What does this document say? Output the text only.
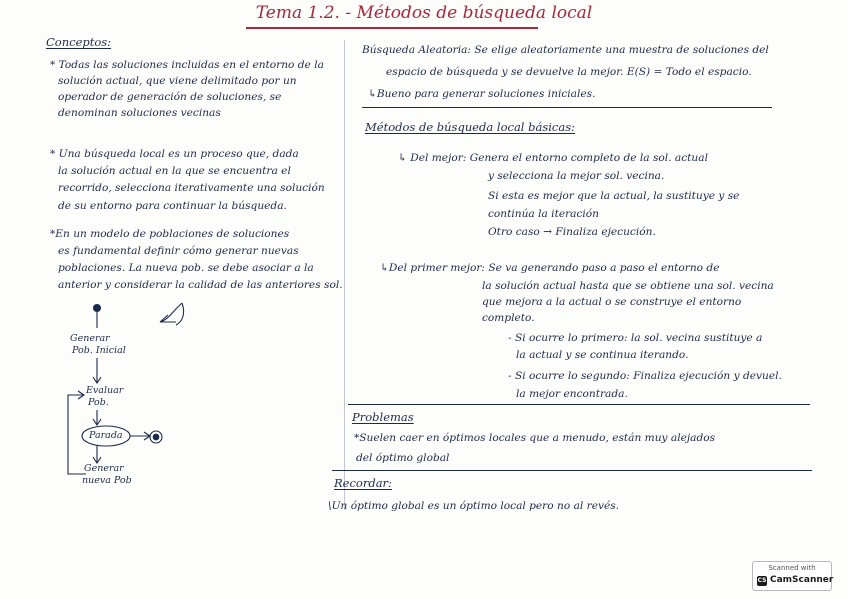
Tema 1.2. - Métodos de búsqueda local
Conceptos:
* Todas las soluciones incluidas en el entorno de la
solución actual, que viene delimitado por un
operador de generación de soluciones, se
denominan soluciones vecinas
* Una búsqueda local es un proceso que, dada
la solución actual en la que se encuentra el
recorrido, selecciona iterativamente una solución
de su entorno para continuar la búsqueda.
*En un modelo de poblaciones de soluciones
es fundamental definir cómo generar nuevas
poblaciones. La nueva pob. se debe asociar a la
anterior y considerar la calidad de las anteriores sol.
Generar
Pob. Inicial
Evaluar
Pob.
Parada
Generar
nueva Pob
Búsqueda Aleatoria: Se elige aleatoriamente una muestra de soluciones del
espacio de búsqueda y se devuelve la mejor. E(S) = Todo el espacio.
↳Bueno para generar soluciones iniciales.
Métodos de búsqueda local básicas:
↳ Del mejor: Genera el entorno completo de la sol. actual
y selecciona la mejor sol. vecina.
Si esta es mejor que la actual, la sustituye y se
continúa la iteración
Otro caso → Finaliza ejecución.
↳Del primer mejor: Se va generando paso a paso el entorno de
la solución actual hasta que se obtiene una sol. vecina
que mejora a la actual o se construye el entorno
completo.
- Si ocurre lo primero: la sol. vecina sustituye a
la actual y se continua iterando.
- Si ocurre lo segundo: Finaliza ejecución y devuel.
la mejor encontrada.
Problemas
*Suelen caer en óptimos locales que a menudo, están muy alejados
del óptimo global
Recordar:
\Un óptimo global es un óptimo local pero no al revés.
Scanned with
CS CamScanner
